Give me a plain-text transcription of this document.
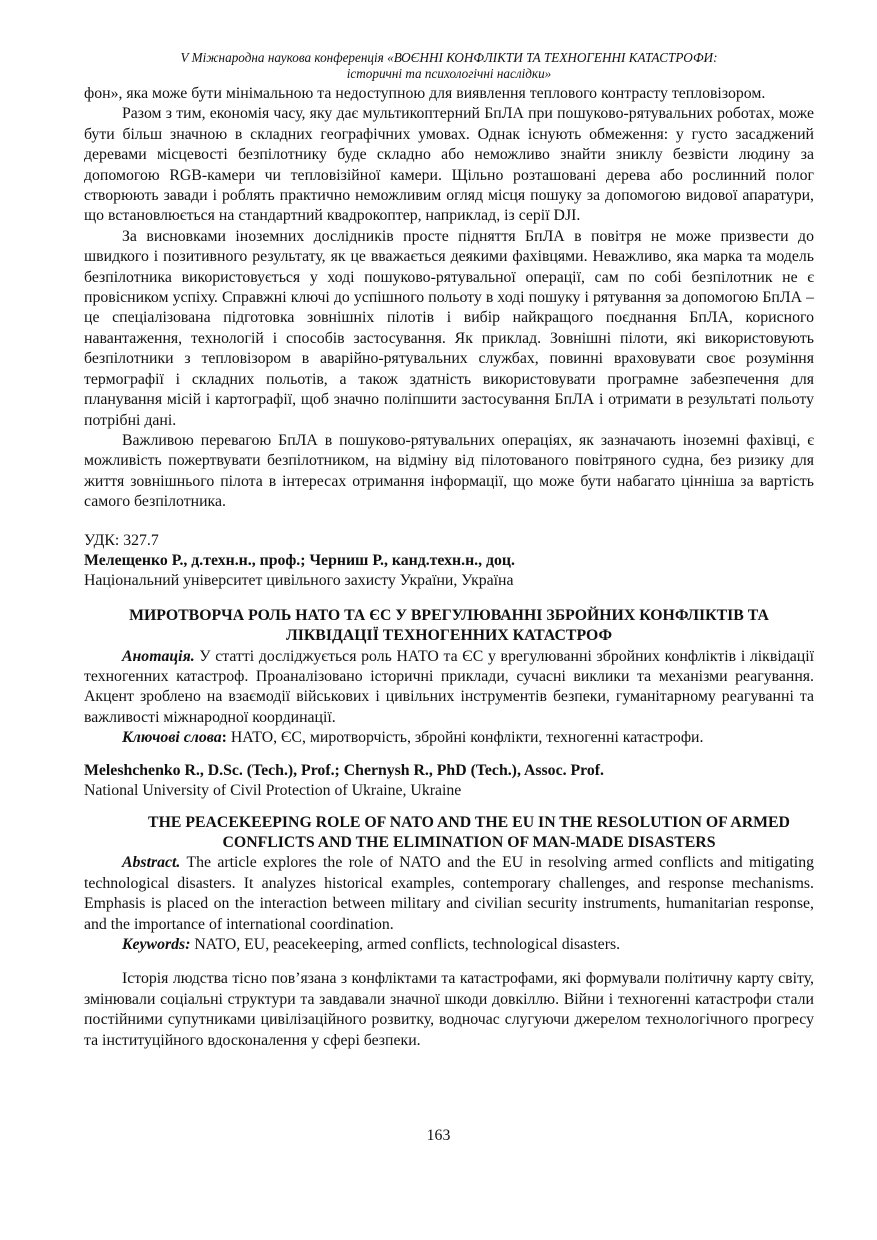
V Міжнародна наукова конференція «ВОЄННІ КОНФЛІКТИ ТА ТЕХНОГЕННІ КАТАСТРОФИ:
історичні та психологічні наслідки»

фон», яка може бути мінімальною та недоступною для виявлення теплового контрасту тепловізором.

Разом з тим, економія часу, яку дає мультикоптерний БпЛА при пошуково-рятувальних роботах, може бути більш значною в складних географічних умовах. Однак існують обмеження: у густо засаджений деревами місцевості безпілотнику буде складно або неможливо знайти зниклу безвісти людину за допомогою RGB-камери чи тепловізійної камери. Щільно розташовані дерева або рослинний полог створюють завади і роблять практично неможливим огляд місця пошуку за допомогою видової апаратури, що встановлюється на стандартний квадрокоптер, наприклад, із серії DJI.

За висновками іноземних дослідників просте підняття БпЛА в повітря не може призвести до швидкого і позитивного результату, як це вважається деякими фахівцями. Неважливо, яка марка та модель безпілотника використовується у ході пошуково-рятувальної операції, сам по собі безпілотник не є провісником успіху. Справжні ключі до успішного польоту в ході пошуку і рятування за допомогою БпЛА – це спеціалізована підготовка зовнішніх пілотів і вибір найкращого поєднання БпЛА, корисного навантаження, технологій і способів застосування. Як приклад. Зовнішні пілоти, які використовують безпілотники з тепловізором в аварійно-рятувальних службах, повинні враховувати своє розуміння термографії і складних польотів, а також здатність використовувати програмне забезпечення для планування місій і картографії, щоб значно поліпшити застосування БпЛА і отримати в результаті польоту потрібні дані.

Важливою перевагою БпЛА в пошуково-рятувальних операціях, як зазначають іноземні фахівці, є можливість пожертвувати безпілотником, на відміну від пілотованого повітряного судна, без ризику для життя зовнішнього пілота в інтересах отримання інформації, що може бути набагато цінніша за вартість самого безпілотника.

УДК: 327.7

Мелещенко Р., д.техн.н., проф.; Черниш Р., канд.техн.н., доц.

Національний університет цивільного захисту України, Україна

МИРОТВОРЧА РОЛЬ НАТО ТА ЄС У ВРЕГУЛЮВАННІ ЗБРОЙНИХ КОНФЛІКТІВ ТА ЛІКВІДАЦІЇ ТЕХНОГЕННИХ КАТАСТРОФ

Анотація. У статті досліджується роль НАТО та ЄС у врегулюванні збройних конфліктів і ліквідації техногенних катастроф. Проаналізовано історичні приклади, сучасні виклики та механізми реагування. Акцент зроблено на взаємодії військових і цивільних інструментів безпеки, гуманітарному реагуванні та важливості міжнародної координації.

Ключові слова: НАТО, ЄС, миротворчість, збройні конфлікти, техногенні катастрофи.

Meleshchenko R., D.Sc. (Tech.), Prof.; Chernysh R., PhD (Tech.), Assoc. Prof.

National University of Civil Protection of Ukraine, Ukraine

THE PEACEKEEPING ROLE OF NATO AND THE EU IN THE RESOLUTION OF ARMED CONFLICTS AND THE ELIMINATION OF MAN-MADE DISASTERS

Abstract. The article explores the role of NATO and the EU in resolving armed conflicts and mitigating technological disasters. It analyzes historical examples, contemporary challenges, and response mechanisms. Emphasis is placed on the interaction between military and civilian security instruments, humanitarian response, and the importance of international coordination.

Keywords: NATO, EU, peacekeeping, armed conflicts, technological disasters.

Історія людства тісно пов’язана з конфліктами та катастрофами, які формували політичну карту світу, змінювали соціальні структури та завдавали значної шкоди довкіллю. Війни і техногенні катастрофи стали постійними супутниками цивілізаційного розвитку, водночас слугуючи джерелом технологічного прогресу та інституційного вдосконалення у сфері безпеки.

163
